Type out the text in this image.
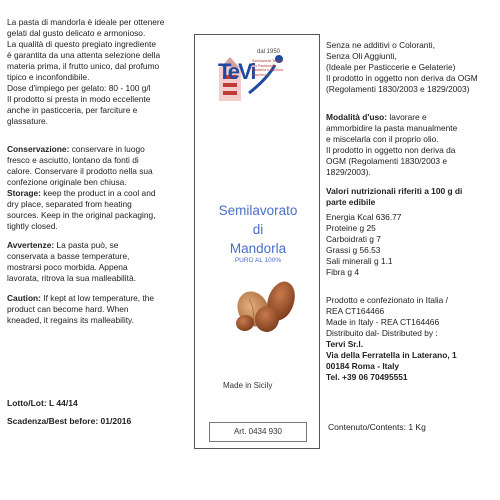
La pasta di mandorla è ideale per ottenere
gelati dal gusto delicato e armonioso.
La qualità di questo pregiato ingrediente
è garantita da una attenta selezione della
materia prima, il frutto unico, dal profumo
tipico e inconfondibile.
Dose d'impiego per gelato: 80 - 100 g/l
Il prodotto si presta in modo eccellente
anche in pasticceria, per farciture e
glassature.
Conservazione: conservare in luogo
fresco e asciutto, lontano da fonti di
calore. Conservare il prodotto nella sua
confezione originale ben chiusa.
Storage: keep the product in a cool and
dry place, separated from heating
sources. Keep in the original packaging,
tightly closed.
Avvertenze: La pasta può, se
conservata a basse temperature,
mostrarsi poco morbida. Appena
lavorata, ritrova la sua malleabilità.
Caution: If kept at low temperature, the
product can become hard. When
kneaded, it regains its malleability.
Lotto/Lot: L 44/14
Scadenza/Best before: 01/2016
TeVi
dal 1950
Semilavorati Tecnici
per Pasticceria
Gelateria e Panificio
www.tevi.it
Semilavorato
di
Mandorla
PURO AL 100%
Made in Sicily
Art. 0434 930
Senza ne additivi o Coloranti,
Senza Oli Aggiunti,
(Ideale per Pasticcerie e Gelaterie)
Il prodotto in oggetto non deriva da OGM
(Regolamenti 1830/2003 e 1829/2003)
Modalità d'uso: lavorare e
ammorbidire la pasta manualmente
e miscelarla con il proprio olio.
Il prodotto in oggetto non deriva da
OGM (Regolamenti 1830/2003 e
1829/2003).
Valori nutrizionali riferiti a 100 g di
parte edibile
Energia Kcal 636.77
Proteine g 25
Carboidrati g 7
Grassi g 56.53
Sali minerali g 1.1
Fibra g 4
Prodotto e confezionato in Italia /
REA CT164466
Made in Italy - REA CT164466
Distribuito dal- Distributed by :
Tervi Sr.l.
Via della Ferratella in Laterano, 1
00184 Roma - Italy
Tel. +39 06 70495551
Contenuto/Contents: 1 Kg
